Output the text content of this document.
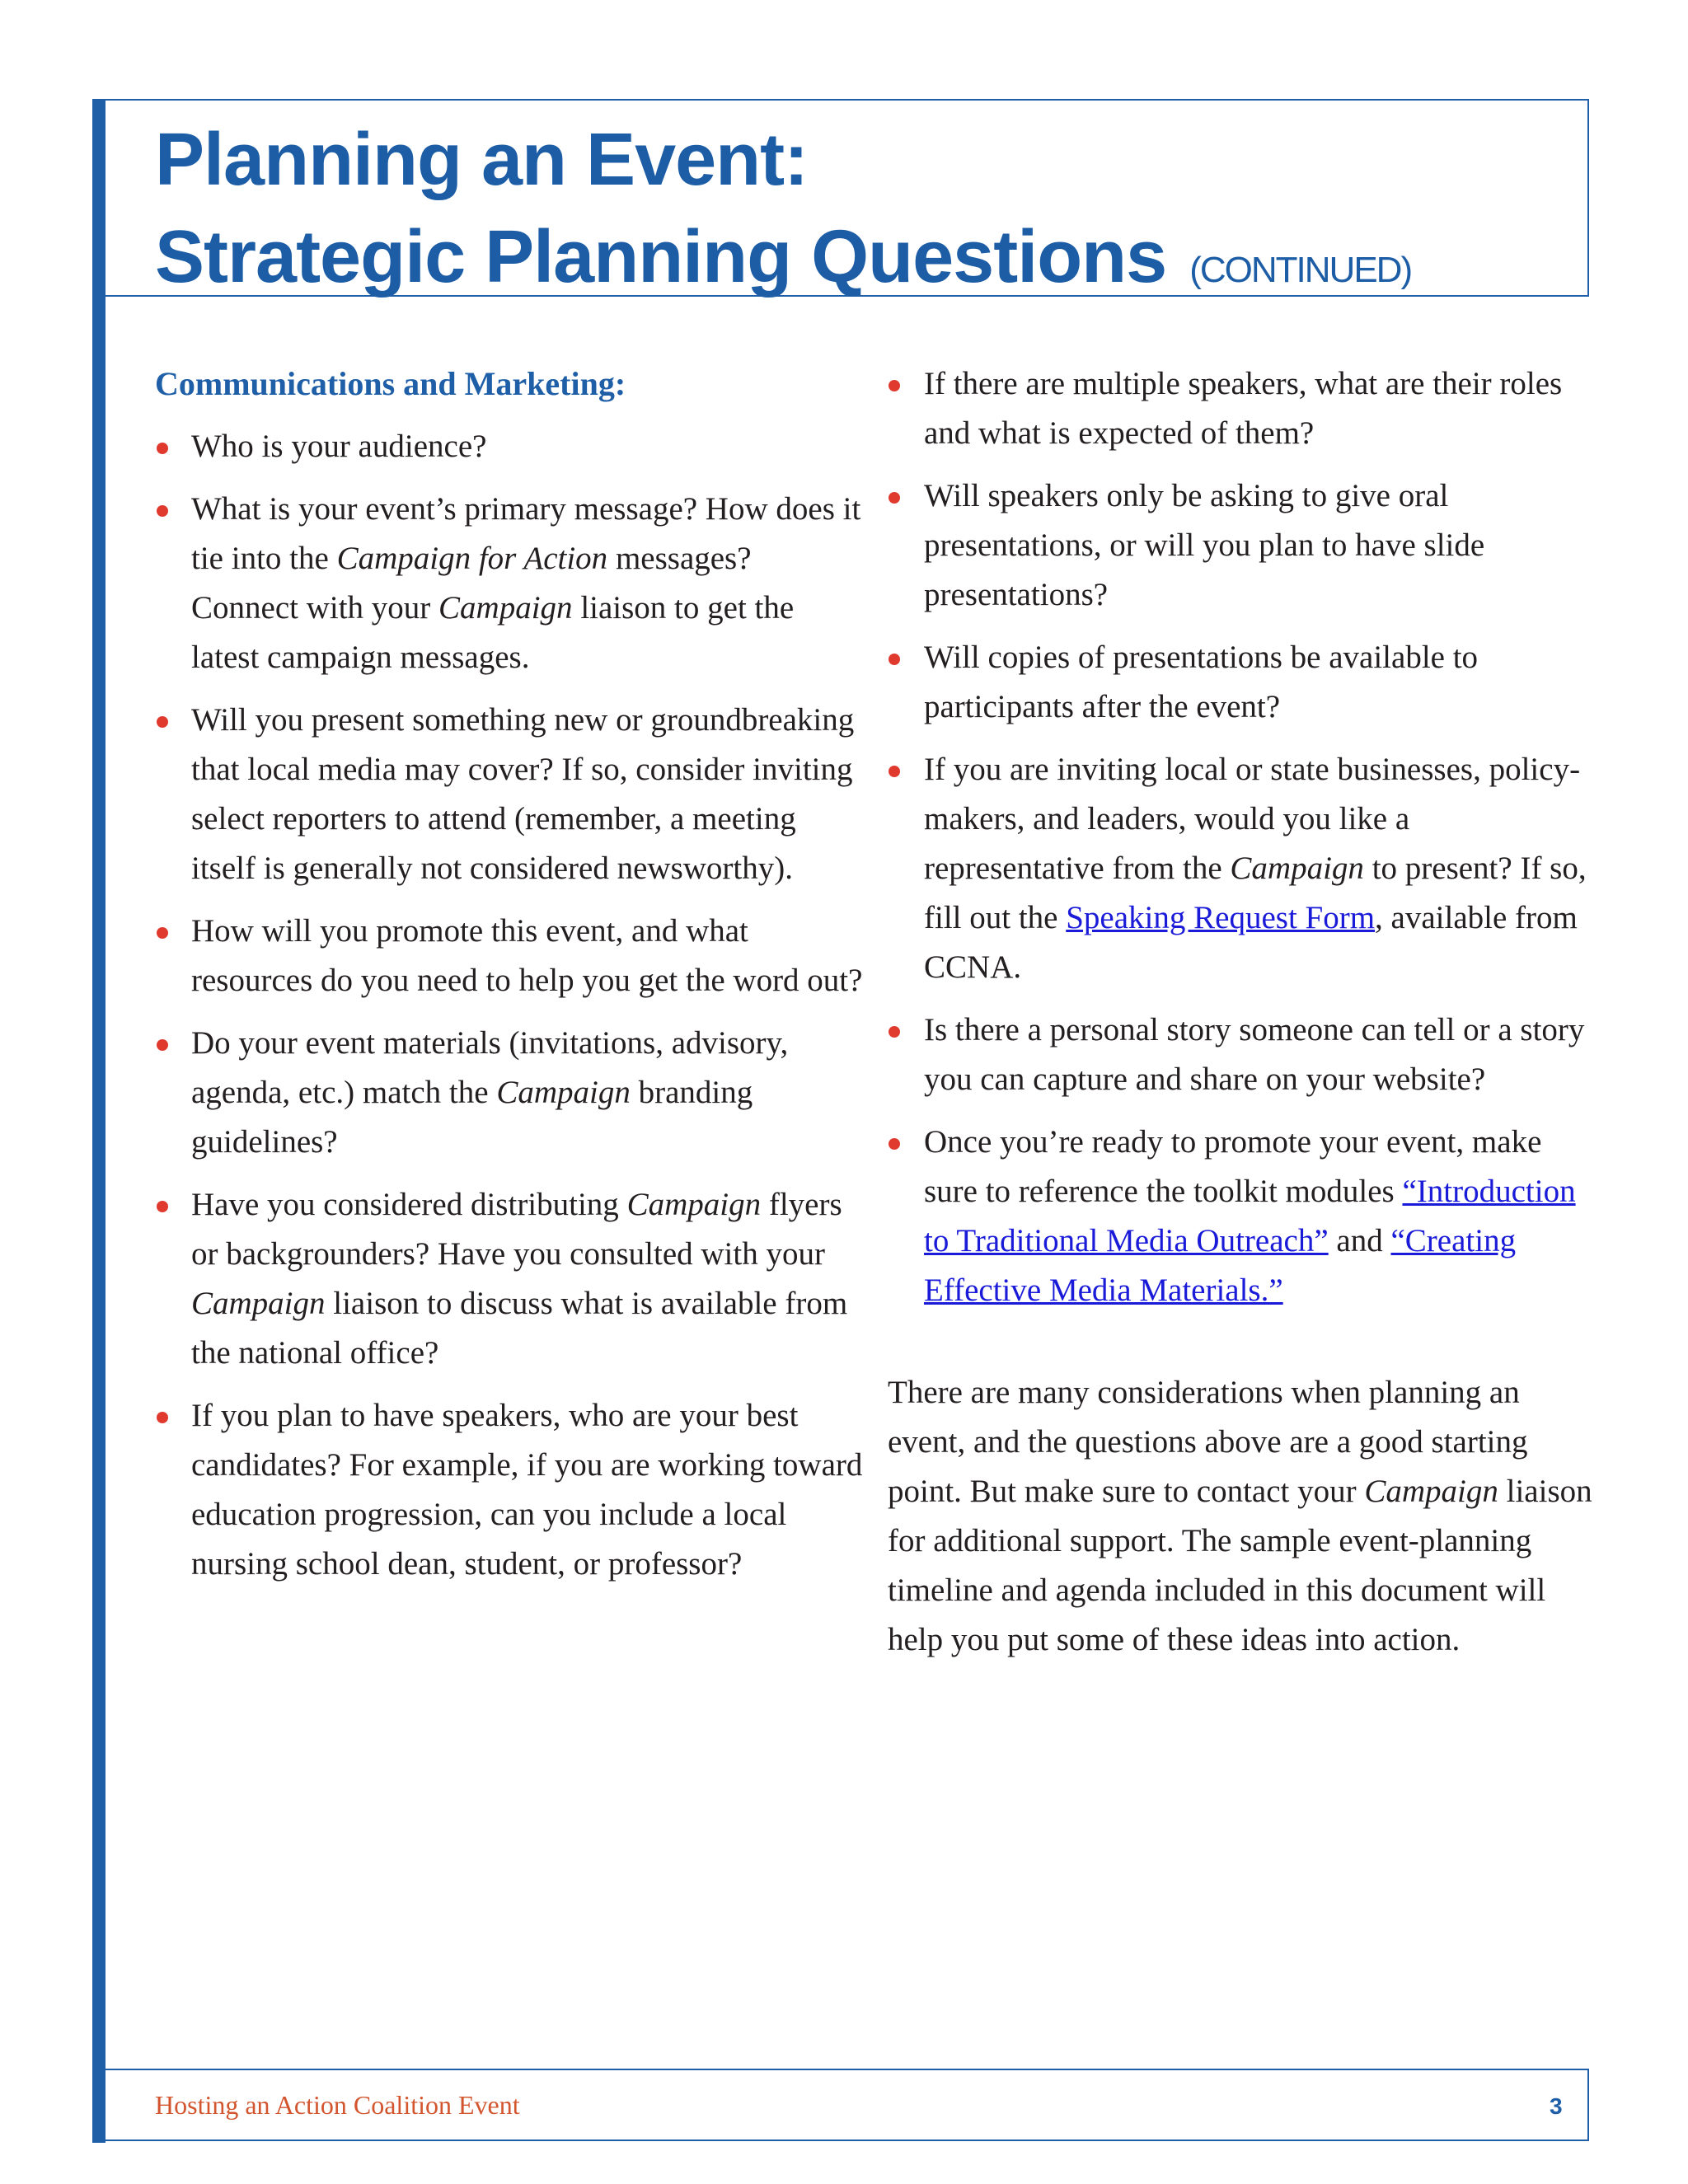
Planning an Event:
Strategic Planning Questions (CONTINUED)
Communications and Marketing:
Who is your audience?
What is your event’s primary message? How does it tie into the Campaign for Action messages? Connect with your Campaign liaison to get the latest campaign messages.
Will you present something new or groundbreaking that local media may cover? If so, consider inviting select reporters to attend (remember, a meeting itself is generally not considered newsworthy).
How will you promote this event, and what resources do you need to help you get the word out?
Do your event materials (invitations, advisory, agenda, etc.) match the Campaign branding guidelines?
Have you considered distributing Campaign flyers or backgrounders? Have you consulted with your Campaign liaison to discuss what is available from the national office?
If you plan to have speakers, who are your best candidates? For example, if you are working toward education progression, can you include a local nursing school dean, student, or professor?
If there are multiple speakers, what are their roles and what is expected of them?
Will speakers only be asking to give oral presentations, or will you plan to have slide presentations?
Will copies of presentations be available to participants after the event?
If you are inviting local or state businesses, policy-makers, and leaders, would you like a representative from the Campaign to present? If so, fill out the Speaking Request Form, available from CCNA.
Is there a personal story someone can tell or a story you can capture and share on your website?
Once you’re ready to promote your event, make sure to reference the toolkit modules “Introduction to Traditional Media Outreach” and “Creating Effective Media Materials.”

There are many considerations when planning an event, and the questions above are a good starting point. But make sure to contact your Campaign liaison for additional support. The sample event-planning timeline and agenda included in this document will help you put some of these ideas into action.

Hosting an Action Coalition Event	3
